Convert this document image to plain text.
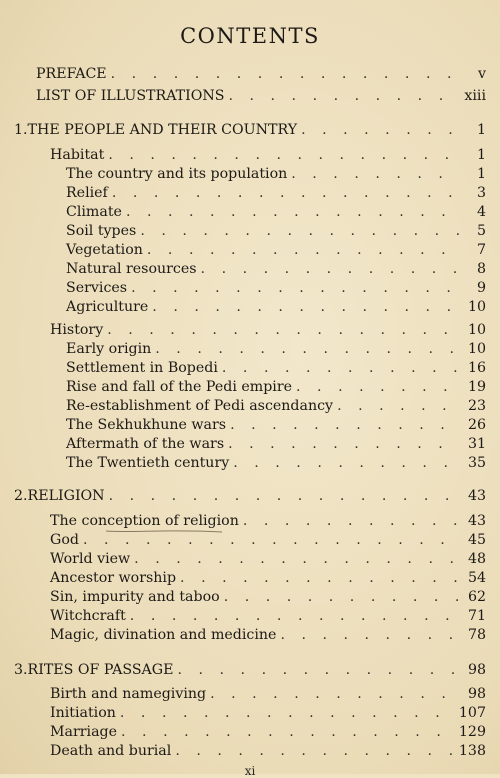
CONTENTS
PREFACE . . .	v
LIST OF ILLUSTRATIONS . . .	xiii
1. THE PEOPLE AND THEIR COUNTRY . . .	1
Habitat . . .	1
The country and its population . . .	1
Relief . . .	3
Climate . . .	4
Soil types . . .	5
Vegetation . . .	7
Natural resources . . .	8
Services . . .	9
Agriculture . . .	10
History . . .	10
Early origin . . .	10
Settlement in Bopedi . . .	16
Rise and fall of the Pedi empire . . .	19
Re-establishment of Pedi ascendancy . . .	23
The Sekhukhune wars . . .	26
Aftermath of the wars . . .	31
The Twentieth century . . .	35
2. RELIGION . . .	43
The conception of religion . . .	43
God . . .	45
World view . . .	48
Ancestor worship . . .	54
Sin, impurity and taboo . . .	62
Witchcraft . . .	71
Magic, divination and medicine . . .	78
3. RITES OF PASSAGE . . .	98
Birth and namegiving . . .	98
Initiation . . .	107
Marriage . . .	129
Death and burial . . .	138
xi
